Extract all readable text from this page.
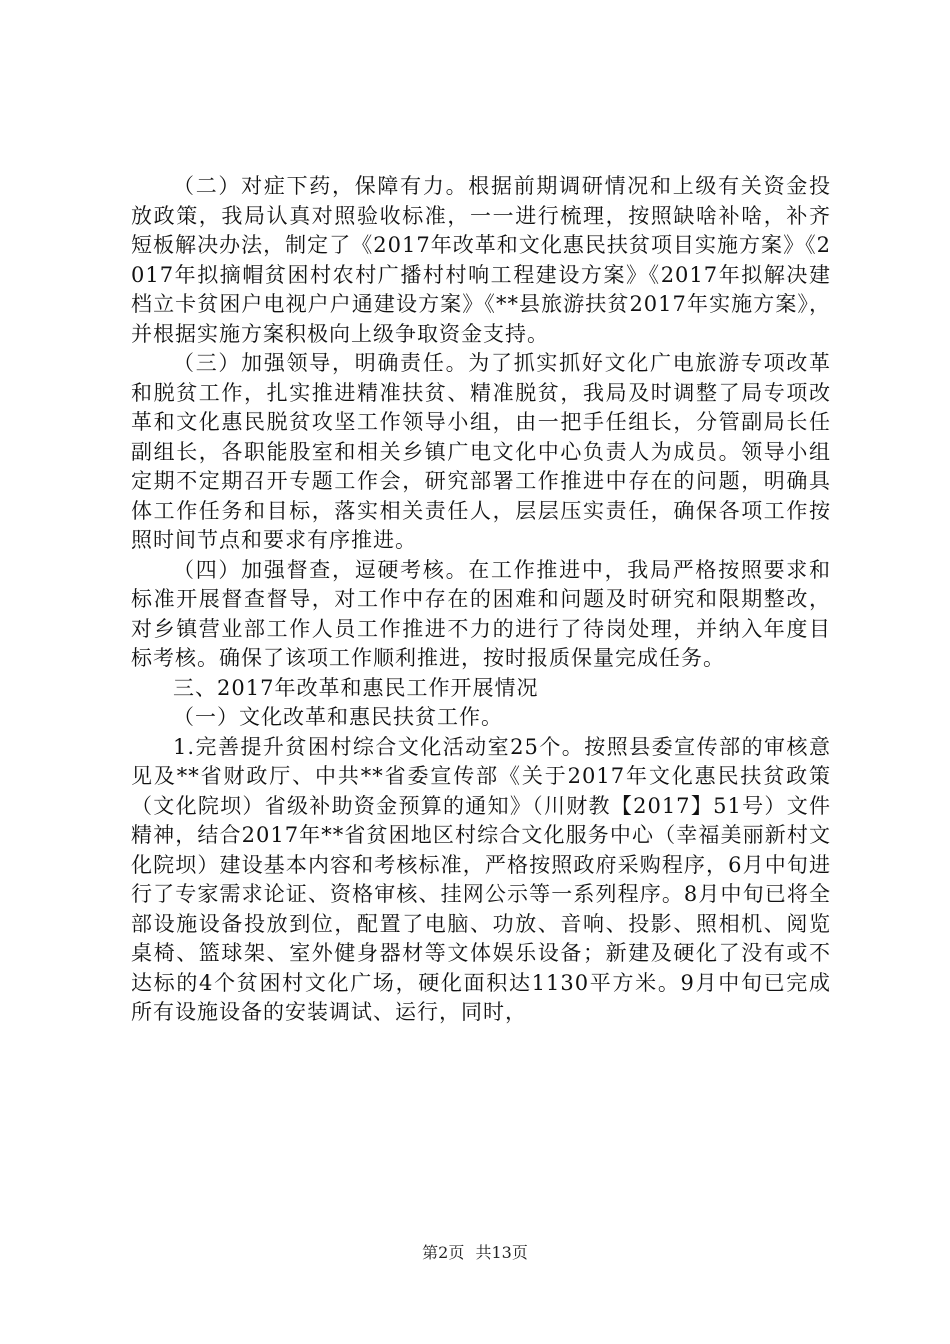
（二）对症下药，保障有力。根据前期调研情况和上级有关资金投放政策，我局认真对照验收标准，一一进行梳理，按照缺啥补啥，补齐短板解决办法，制定了《2017年改革和文化惠民扶贫项目实施方案》《2017年拟摘帽贫困村农村广播村村响工程建设方案》《2017年拟解决建档立卡贫困户电视户户通建设方案》《**县旅游扶贫2017年实施方案》，并根据实施方案积极向上级争取资金支持。

（三）加强领导，明确责任。为了抓实抓好文化广电旅游专项改革和脱贫工作，扎实推进精准扶贫、精准脱贫，我局及时调整了局专项改革和文化惠民脱贫攻坚工作领导小组，由一把手任组长，分管副局长任副组长，各职能股室和相关乡镇广电文化中心负责人为成员。领导小组定期不定期召开专题工作会，研究部署工作推进中存在的问题，明确具体工作任务和目标，落实相关责任人，层层压实责任，确保各项工作按照时间节点和要求有序推进。

（四）加强督查，逗硬考核。在工作推进中，我局严格按照要求和标准开展督查督导，对工作中存在的困难和问题及时研究和限期整改，对乡镇营业部工作人员工作推进不力的进行了待岗处理，并纳入年度目标考核。确保了该项工作顺利推进，按时报质保量完成任务。

三、2017年改革和惠民工作开展情况

（一）文化改革和惠民扶贫工作。

1.完善提升贫困村综合文化活动室25个。按照县委宣传部的审核意见及**省财政厅、中共**省委宣传部《关于2017年文化惠民扶贫政策（文化院坝）省级补助资金预算的通知》（川财教【2017】51号）文件精神，结合2017年**省贫困地区村综合文化服务中心（幸福美丽新村文化院坝）建设基本内容和考核标准，严格按照政府采购程序，6月中旬进行了专家需求论证、资格审核、挂网公示等一系列程序。8月中旬已将全部设施设备投放到位，配置了电脑、功放、音响、投影、照相机、阅览桌椅、篮球架、室外健身器材等文体娱乐设备；新建及硬化了没有或不达标的4个贫困村文化广场，硬化面积达1130平方米。9月中旬已完成所有设施设备的安装调试、运行，同时，

第2页 共13页
